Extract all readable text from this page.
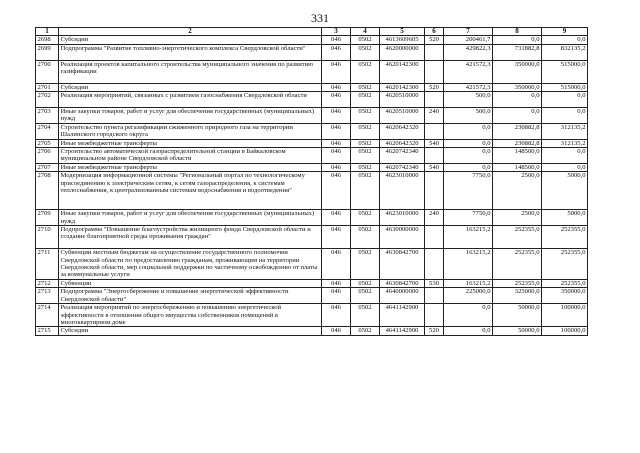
331
1	2	3	4	5	6	7	8	9
2698	Субсидии	046	0502	4613609605	520	200461,7	0,0	0,0
2699	Подпрограмма "Развитие топливно-энергетического комплекса Свердловской области"	046	0502	4620000000		429822,3	731882,8	832135,2
2700	Реализация проектов капитального строительства муниципального значения по развитию газификации	046	0502	4620142300		421572,3	350000,0	515000,0
2701	Субсидии	046	0502	4620142300	520	421572,3	350000,0	515000,0
2702	Реализация мероприятий, связанных с развитием газоснабжения Свердловской области	046	0502	4620510000		500,0	0,0	0,0
2703	Иные закупки товаров, работ и услуг для обеспечения государственных (муниципальных) нужд	046	0502	4620510000	240	500,0	0,0	0,0
2704	Строительство пункта регазификации сжиженного природного газа на территории Шалинского городского округа	046	0502	4620642320		0,0	230882,8	312135,2
2705	Иные межбюджетные трансферты	046	0502	4620642320	540	0,0	230882,8	312135,2
2706	Строительство автоматической газораспределительной станции в Байкаловском муниципальном районе Свердловской области	046	0502	4620742340		0,0	148500,0	0,0
2707	Иные межбюджетные трансферты	046	0502	4620742340	540	0,0	148500,0	0,0
2708	Модернизация информационной системы "Региональный портал по технологическому присоединению к электрическим сетям, к сетям газораспределения, к системам теплоснабжения, к централизованным системам водоснабжения и водоотведения"	046	0502	4623010000		7750,0	2500,0	5000,0
2709	Иные закупки товаров, работ и услуг для обеспечения государственных (муниципальных) нужд	046	0502	4623010000	240	7750,0	2500,0	5000,0
2710	Подпрограмма "Повышение благоустройства жилищного фонда Свердловской области и создание благоприятной среды проживания граждан"	046	0502	4630000000		163215,2	252355,0	252355,0
2711	Субвенции местным бюджетам на осуществление государственного полномочия Свердловской области по предоставлению гражданам, проживающим на территории Свердловской области, мер социальной поддержки по частичному освобождению от платы за коммунальные услуги	046	0502	4630842700		163215,2	252355,0	252355,0
2712	Субвенции	046	0502	4630842700	530	163215,2	252355,0	252355,0
2713	Подпрограмма "Энергосбережение и повышение энергетической эффективности Свердловской области"	046	0502	4640000000		225000,0	325000,0	350000,0
2714	Реализация мероприятий по энергосбережению и повышению энергетической эффективности в отношении общего имущества собственников помещений в многоквартирном доме	046	0502	4641142900		0,0	50000,0	100000,0
2715	Субсидии	046	0502	4641142900	520	0,0	50000,0	100000,0
